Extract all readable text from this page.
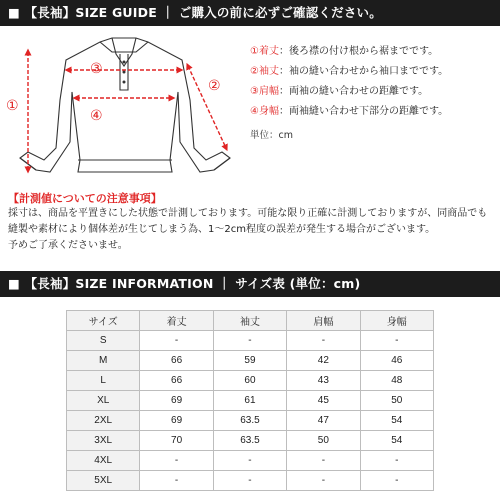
■ 【長袖】SIZE GUIDE ｜ ご購入の前に必ずご確認ください。
①
②
③
④
①着丈：後ろ襟の付け根から裾までです。
②袖丈：袖の縫い合わせから袖口までです。
③肩幅：両袖の縫い合わせの距離です。
④身幅：両袖縫い合わせ下部分の距離です。
単位：cm
【計測値についての注意事項】
採寸は、商品を平置きにした状態で計測しております。可能な限り正確に計測しておりますが、同商品でも
縫製や素材により個体差が生じてしまう為、1〜2cm程度の誤差が発生する場合がございます。
予めご了承くださいませ。
■ 【長袖】SIZE INFORMATION ｜ サイズ表 (単位：cm)
サイズ	着丈	袖丈	肩幅	身幅
S	-	-	-	-
M	66	59	42	46
L	66	60	43	48
XL	69	61	45	50
2XL	69	63.5	47	54
3XL	70	63.5	50	54
4XL	-	-	-	-
5XL	-	-	-	-
